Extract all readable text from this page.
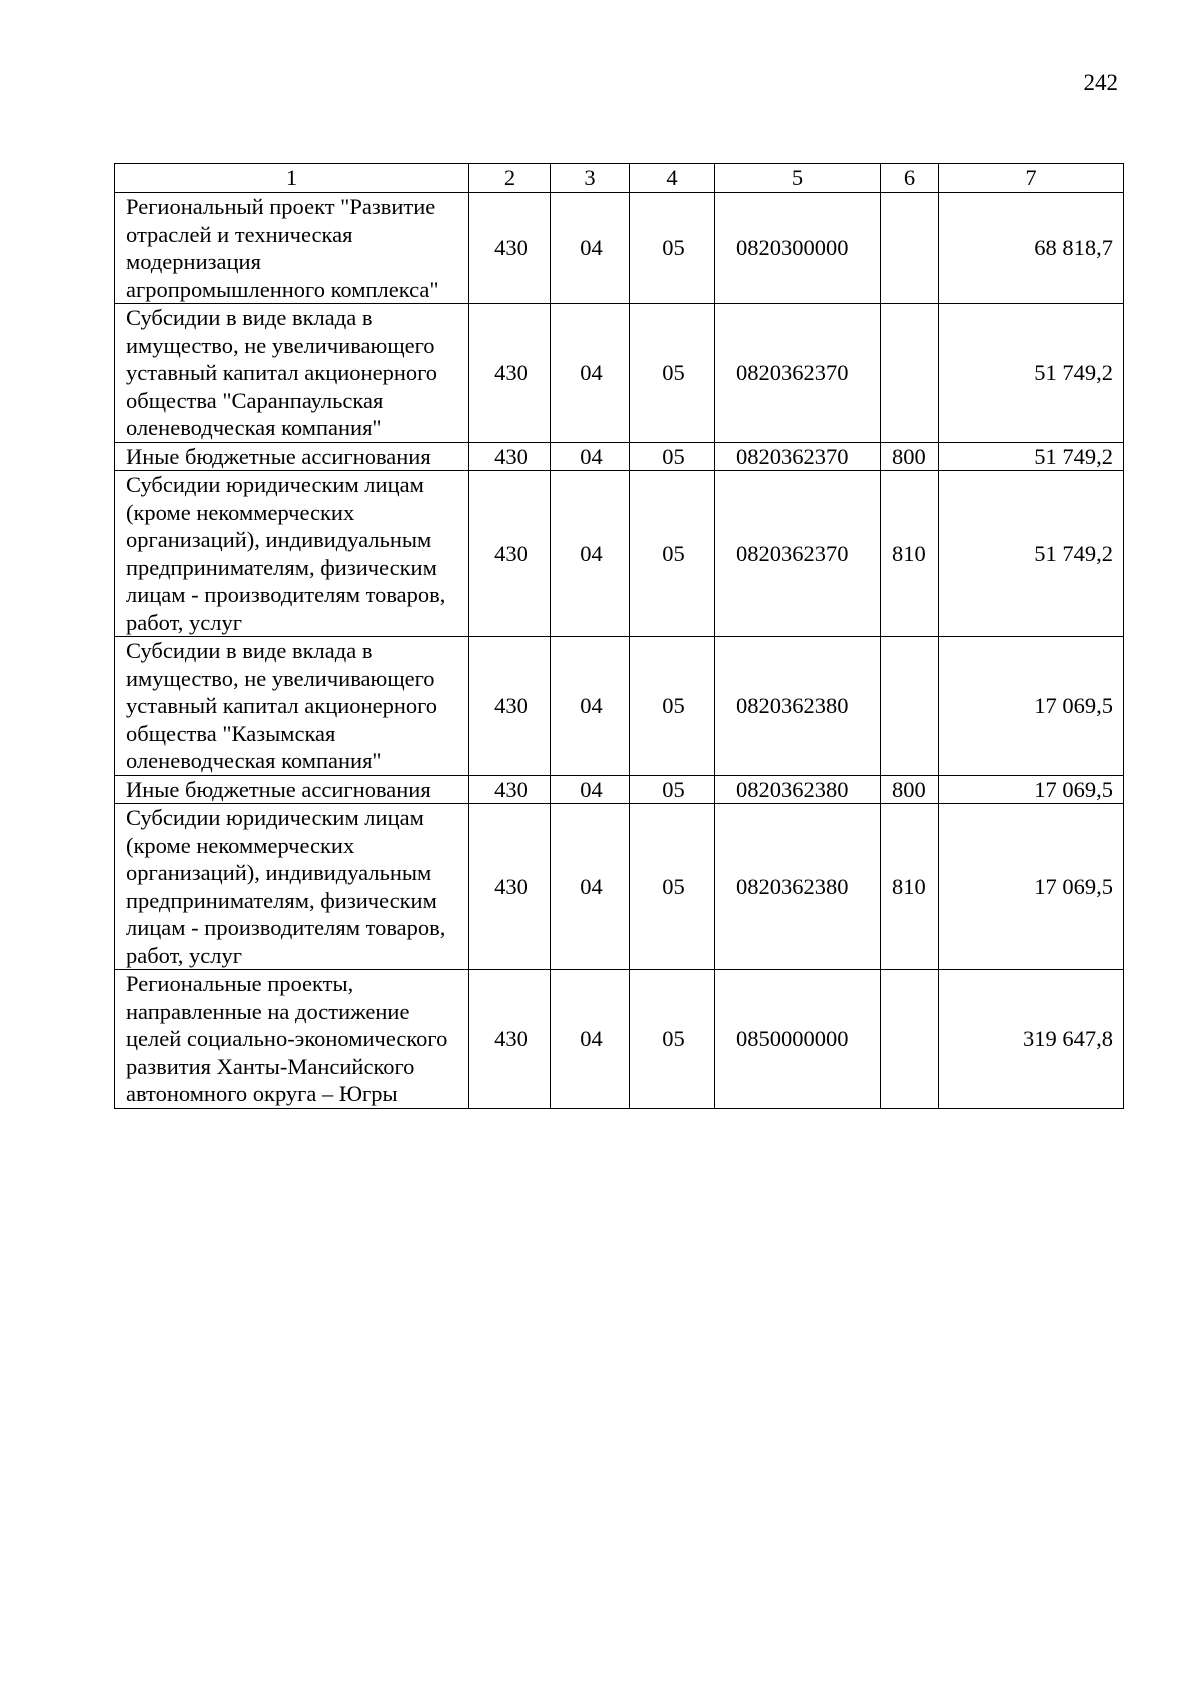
242
1	2	3	4	5	6	7
Региональный проект "Развитие отраслей и техническая модернизация агропромышленного комплекса"	430	04	05	0820300000		68 818,7
Субсидии в виде вклада в имущество, не увеличивающего уставный капитал акционерного общества "Саранпаульская оленеводческая компания"	430	04	05	0820362370		51 749,2
Иные бюджетные ассигнования	430	04	05	0820362370	800	51 749,2
Субсидии юридическим лицам (кроме некоммерческих организаций), индивидуальным предпринимателям, физическим лицам - производителям товаров, работ, услуг	430	04	05	0820362370	810	51 749,2
Субсидии в виде вклада в имущество, не увеличивающего уставный капитал акционерного общества "Казымская оленеводческая компания"	430	04	05	0820362380		17 069,5
Иные бюджетные ассигнования	430	04	05	0820362380	800	17 069,5
Субсидии юридическим лицам (кроме некоммерческих организаций), индивидуальным предпринимателям, физическим лицам - производителям товаров, работ, услуг	430	04	05	0820362380	810	17 069,5
Региональные проекты, направленные на достижение целей социально-экономического развития Ханты-Мансийского автономного округа – Югры	430	04	05	0850000000		319 647,8
